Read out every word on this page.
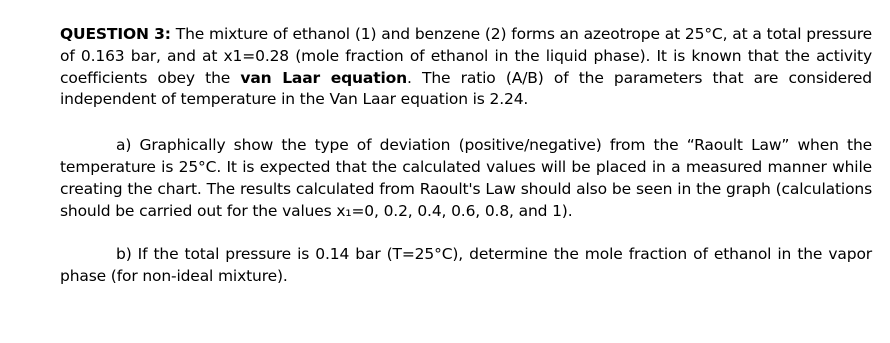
QUESTION 3: The mixture of ethanol (1) and benzene (2) forms an azeotrope at 25°C, at a total pressure of 0.163 bar, and at x1=0.28 (mole fraction of ethanol in the liquid phase). It is known that the activity coefficients obey the van Laar equation. The ratio (A/B) of the parameters that are considered independent of temperature in the Van Laar equation is 2.24.

a) Graphically show the type of deviation (positive/negative) from the “Raoult Law” when the temperature is 25°C. It is expected that the calculated values will be placed in a measured manner while creating the chart. The results calculated from Raoult's Law should also be seen in the graph (calculations should be carried out for the values x₁=0, 0.2, 0.4, 0.6, 0.8, and 1).

b) If the total pressure is 0.14 bar (T=25°C), determine the mole fraction of ethanol in the vapor phase (for non-ideal mixture).
